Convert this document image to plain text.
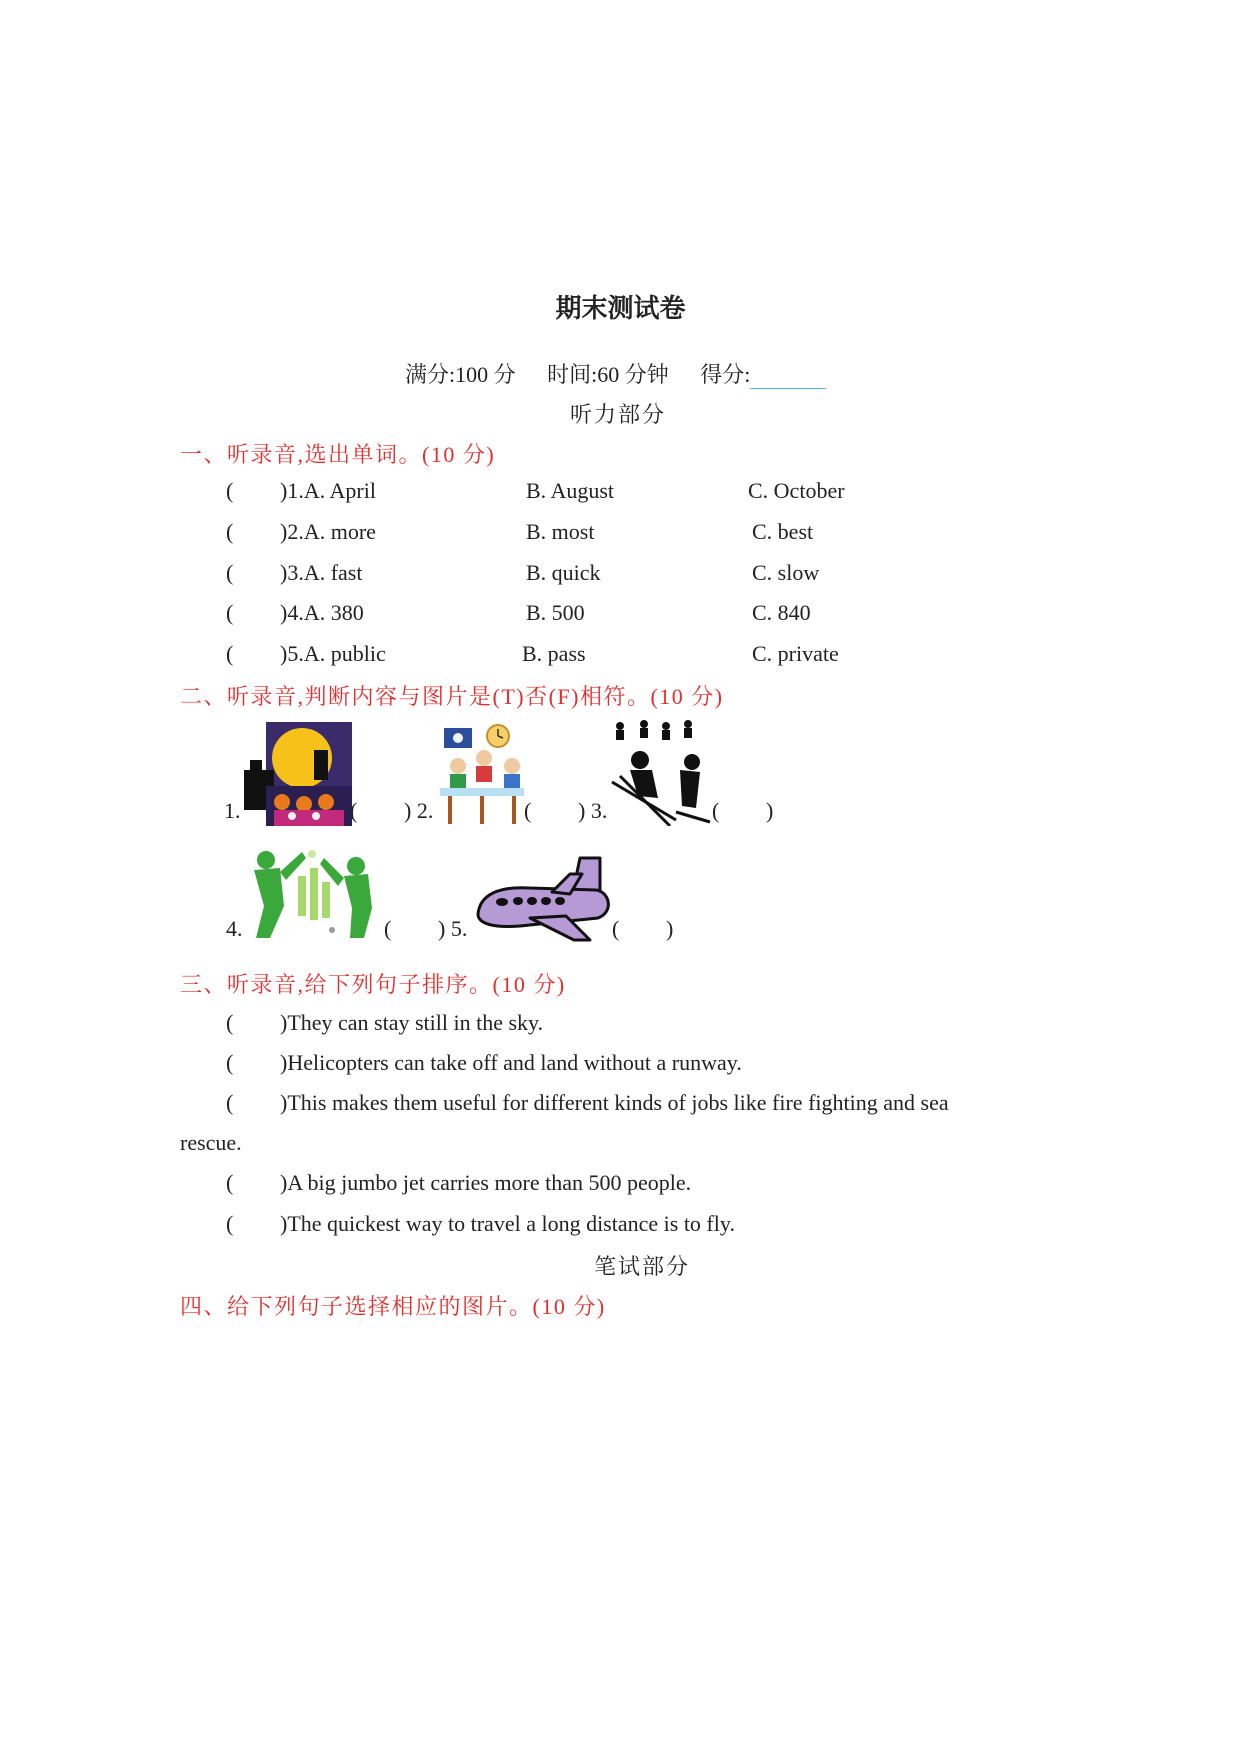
期末测试卷
满分:100 分 时间:60 分钟 得分:
听力部分
一、听录音,选出单词。(10 分)
( )1.A. April	B. August	C. October
( )2.A. more	B. most	C. best
( )3.A. fast	B. quick	C. slow
( )4.A. 380	B. 500	C. 840
( )5.A. public	B. pass	C. private
二、听录音,判断内容与图片是(T)否(F)相符。(10 分)
1.	( ) 2.	( ) 3.	( )
4.	( ) 5.	( )
三、听录音,给下列句子排序。(10 分)
( )They can stay still in the sky.
( )Helicopters can take off and land without a runway.
( )This makes them useful for different kinds of jobs like fire fighting and sea
rescue.
( )A big jumbo jet carries more than 500 people.
( )The quickest way to travel a long distance is to fly.
笔试部分
四、给下列句子选择相应的图片。(10 分)
